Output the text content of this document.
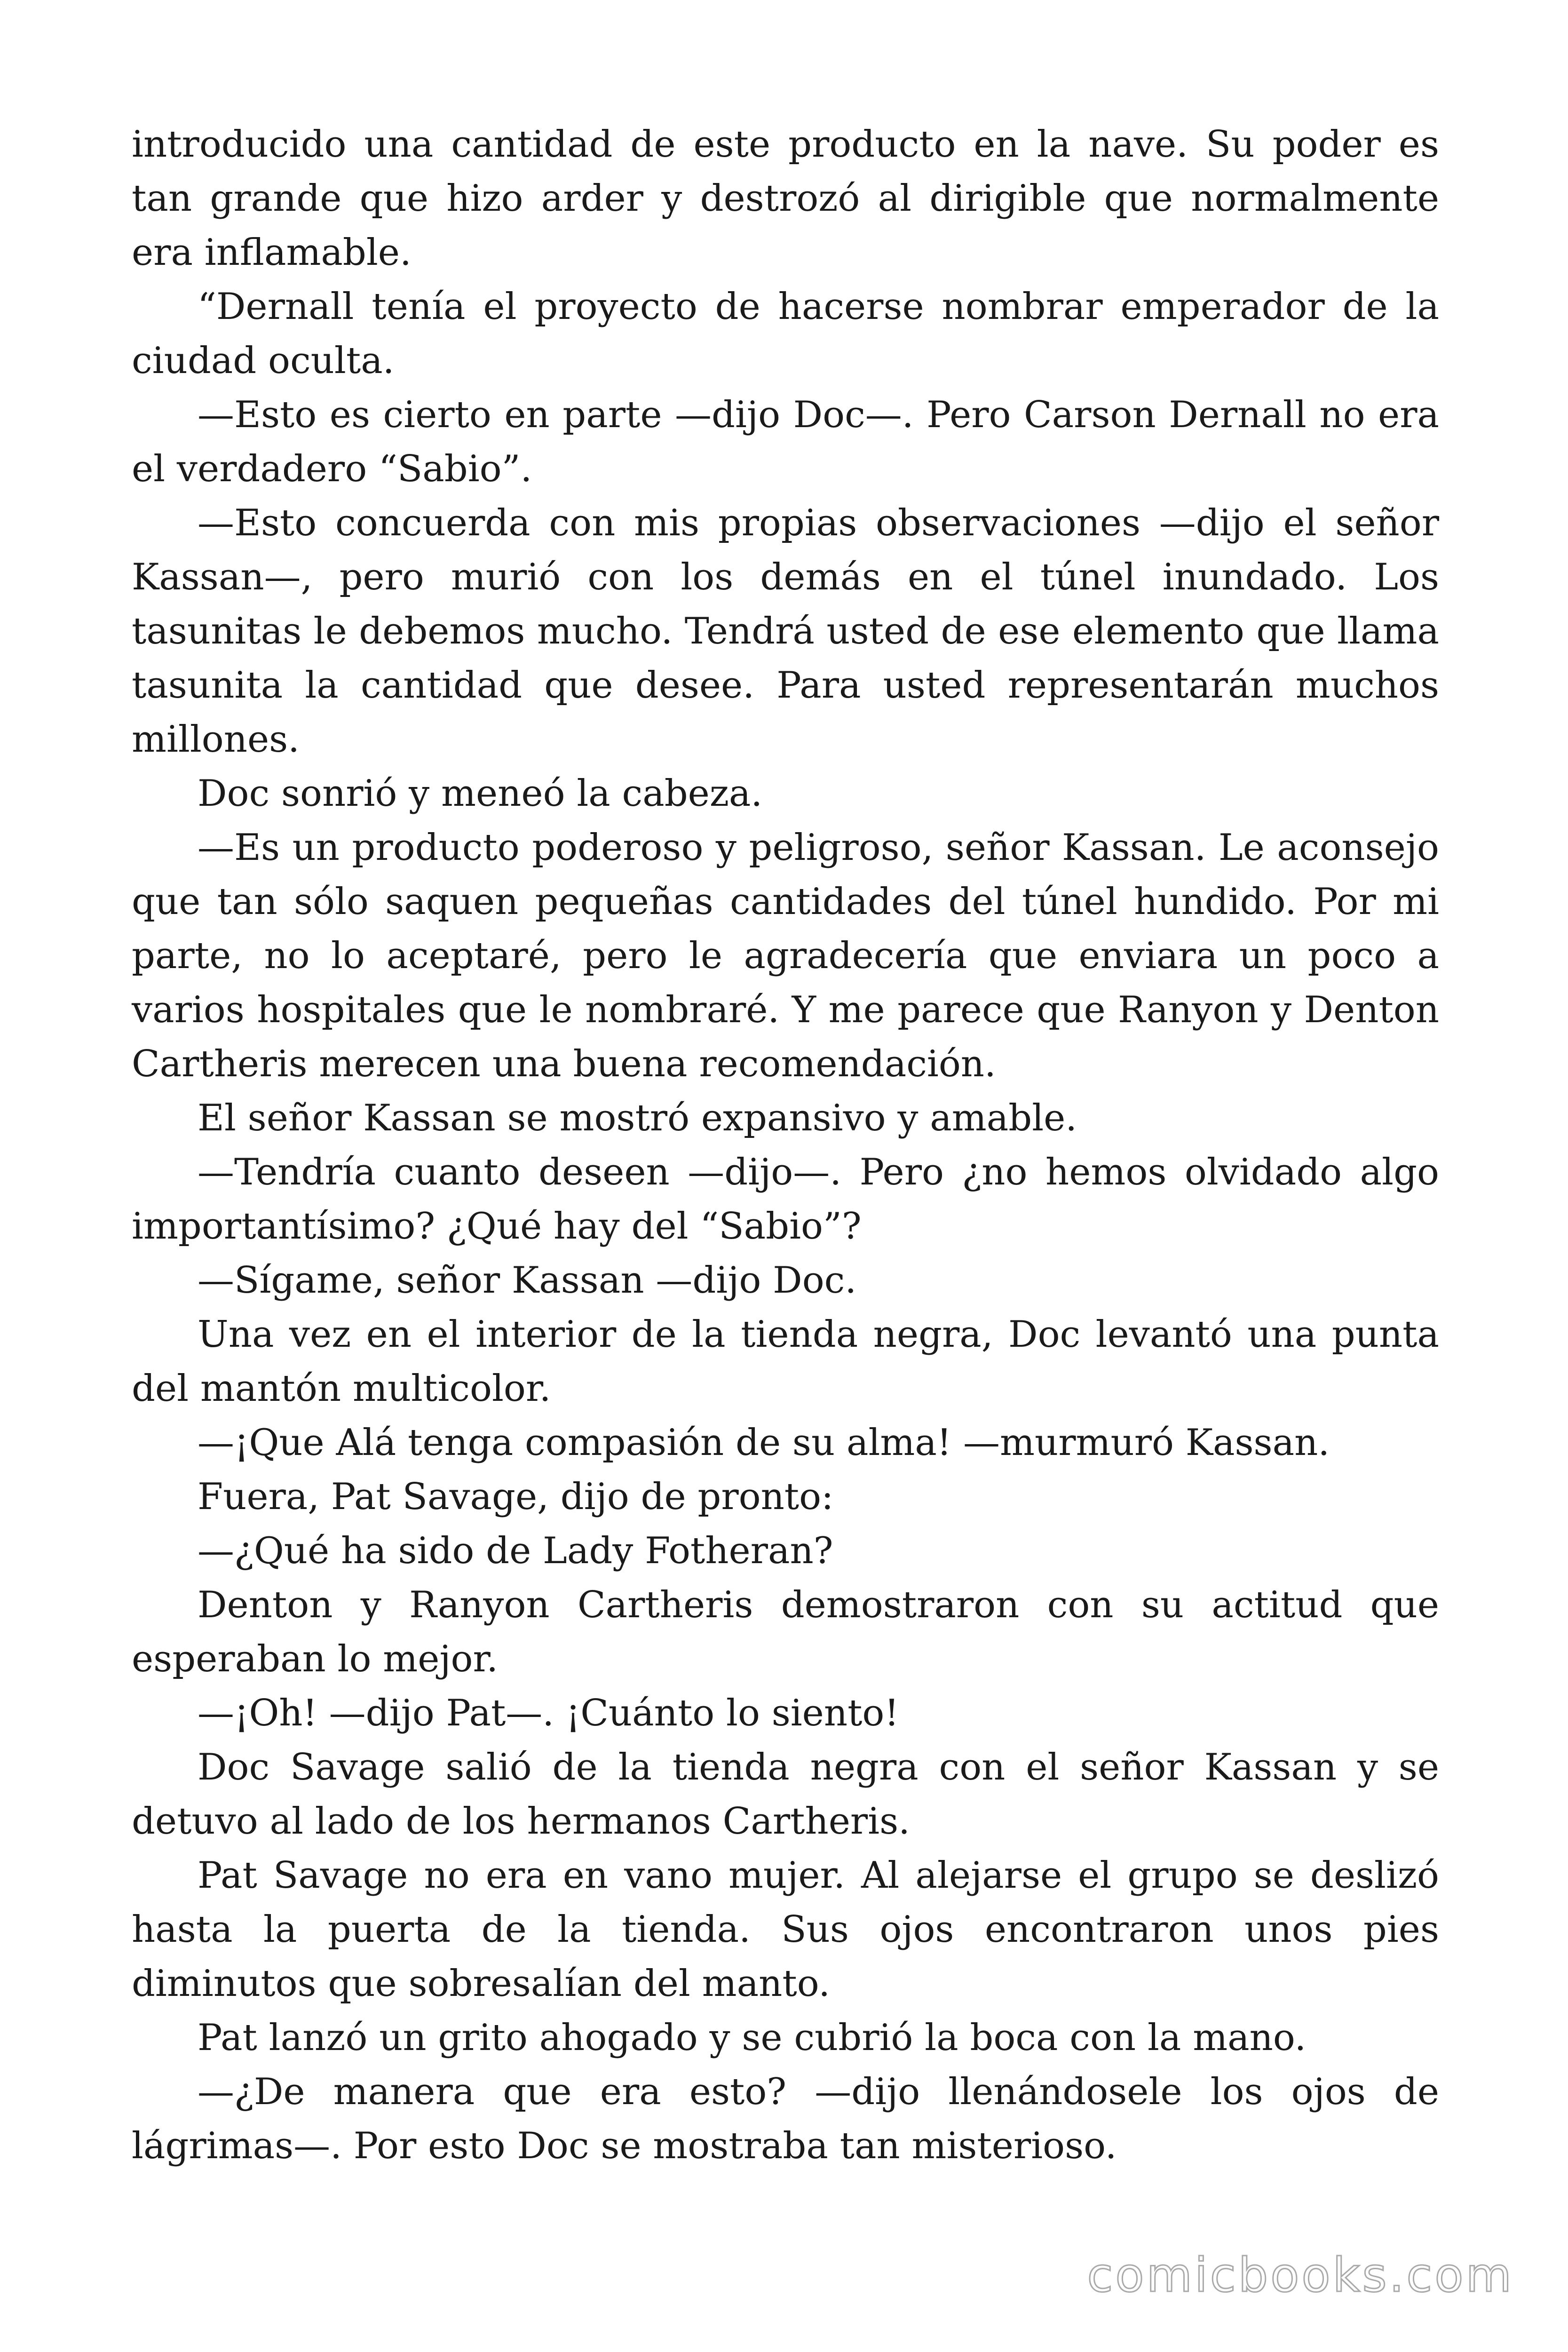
introducido una cantidad de este producto en la nave. Su poder es tan grande que hizo arder y destrozó al dirigible que normalmente era inflamable.

“Dernall tenía el proyecto de hacerse nombrar emperador de la ciudad oculta.

—Esto es cierto en parte —dijo Doc—. Pero Carson Dernall no era el verdadero “Sabio”.

—Esto concuerda con mis propias observaciones —dijo el señor Kassan—, pero murió con los demás en el túnel inundado. Los tasunitas le debemos mucho. Tendrá usted de ese elemento que llama tasunita la cantidad que desee. Para usted representarán muchos millones.

Doc sonrió y meneó la cabeza.

—Es un producto poderoso y peligroso, señor Kassan. Le aconsejo que tan sólo saquen pequeñas cantidades del túnel hundido. Por mi parte, no lo aceptaré, pero le agradecería que enviara un poco a varios hospitales que le nombraré. Y me parece que Ranyon y Denton Cartheris merecen una buena recomendación.

El señor Kassan se mostró expansivo y amable.

—Tendría cuanto deseen —dijo—. Pero ¿no hemos olvidado algo importantísimo? ¿Qué hay del “Sabio”?

—Sígame, señor Kassan —dijo Doc.

Una vez en el interior de la tienda negra, Doc levantó una punta del mantón multicolor.

—¡Que Alá tenga compasión de su alma! —murmuró Kassan.

Fuera, Pat Savage, dijo de pronto:

—¿Qué ha sido de Lady Fotheran?

Denton y Ranyon Cartheris demostraron con su actitud que esperaban lo mejor.

—¡Oh! —dijo Pat—. ¡Cuánto lo siento!

Doc Savage salió de la tienda negra con el señor Kassan y se detuvo al lado de los hermanos Cartheris.

Pat Savage no era en vano mujer. Al alejarse el grupo se deslizó hasta la puerta de la tienda. Sus ojos encontraron unos pies diminutos que sobresalían del manto.

Pat lanzó un grito ahogado y se cubrió la boca con la mano.

—¿De manera que era esto? —dijo llenándosele los ojos de lágrimas—. Por esto Doc se mostraba tan misterioso.

comicbooks.com
